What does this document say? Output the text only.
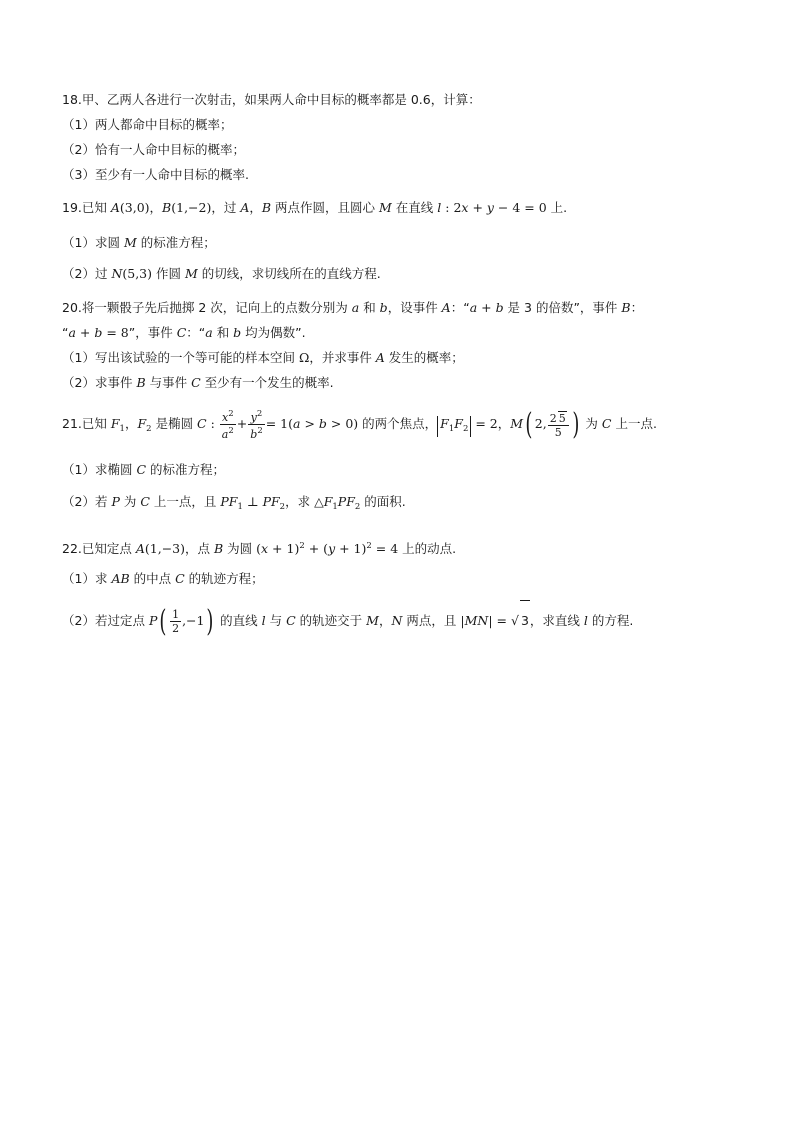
18.甲、乙两人各进行一次射击，如果两人命中目标的概率都是 0.6，计算：
（1）两人都命中目标的概率；
（2）恰有一人命中目标的概率；
（3）至少有一人命中目标的概率.
19.已知 A(3,0)，B(1,−2)，过 A，B 两点作圆，且圆心 M 在直线 l : 2x + y − 4 = 0 上.
（1）求圆 M 的标准方程；
（2）过 N(5,3) 作圆 M 的切线，求切线所在的直线方程.
20.将一颗骰子先后抛掷 2 次，记向上的点数分别为 a 和 b，设事件 A：“a + b 是 3 的倍数”，事件 B：
“a + b = 8”，事件 C：“a 和 b 均为偶数”.
（1）写出该试验的一个等可能的样本空间 Ω，并求事件 A 发生的概率；
（2）求事件 B 与事件 C 至少有一个发生的概率.
21.已知 $F_1$，$F_2$ 是椭圆 C : $\frac{x^2}{a^2} + \frac{y^2}{b^2} = 1(a > b > 0)$ 的两个焦点， $F_1F_2 = 2$，M( 2, $\frac{2 5}{5}$ ) 为 C 上一点.
（1）求椭圆 C 的标准方程；
（2）若 P 为 C 上一点，且 $PF_1$ ⊥ $PF_2$，求 $\triangle F_1PF_2$ 的面积.
22.已知定点 A(1,−3)，点 B 为圆 $(x + 1)^2 + (y + 1)^2 = 4$ 上的动点.
（1）求 AB 的中点 C 的轨迹方程；
（2）若过定点 $P( \frac{1}{2} ,-1)$ 的直线 l 与 C 的轨迹交于 M，N 两点，且 |MN| = √ 3，求直线 l 的方程.
